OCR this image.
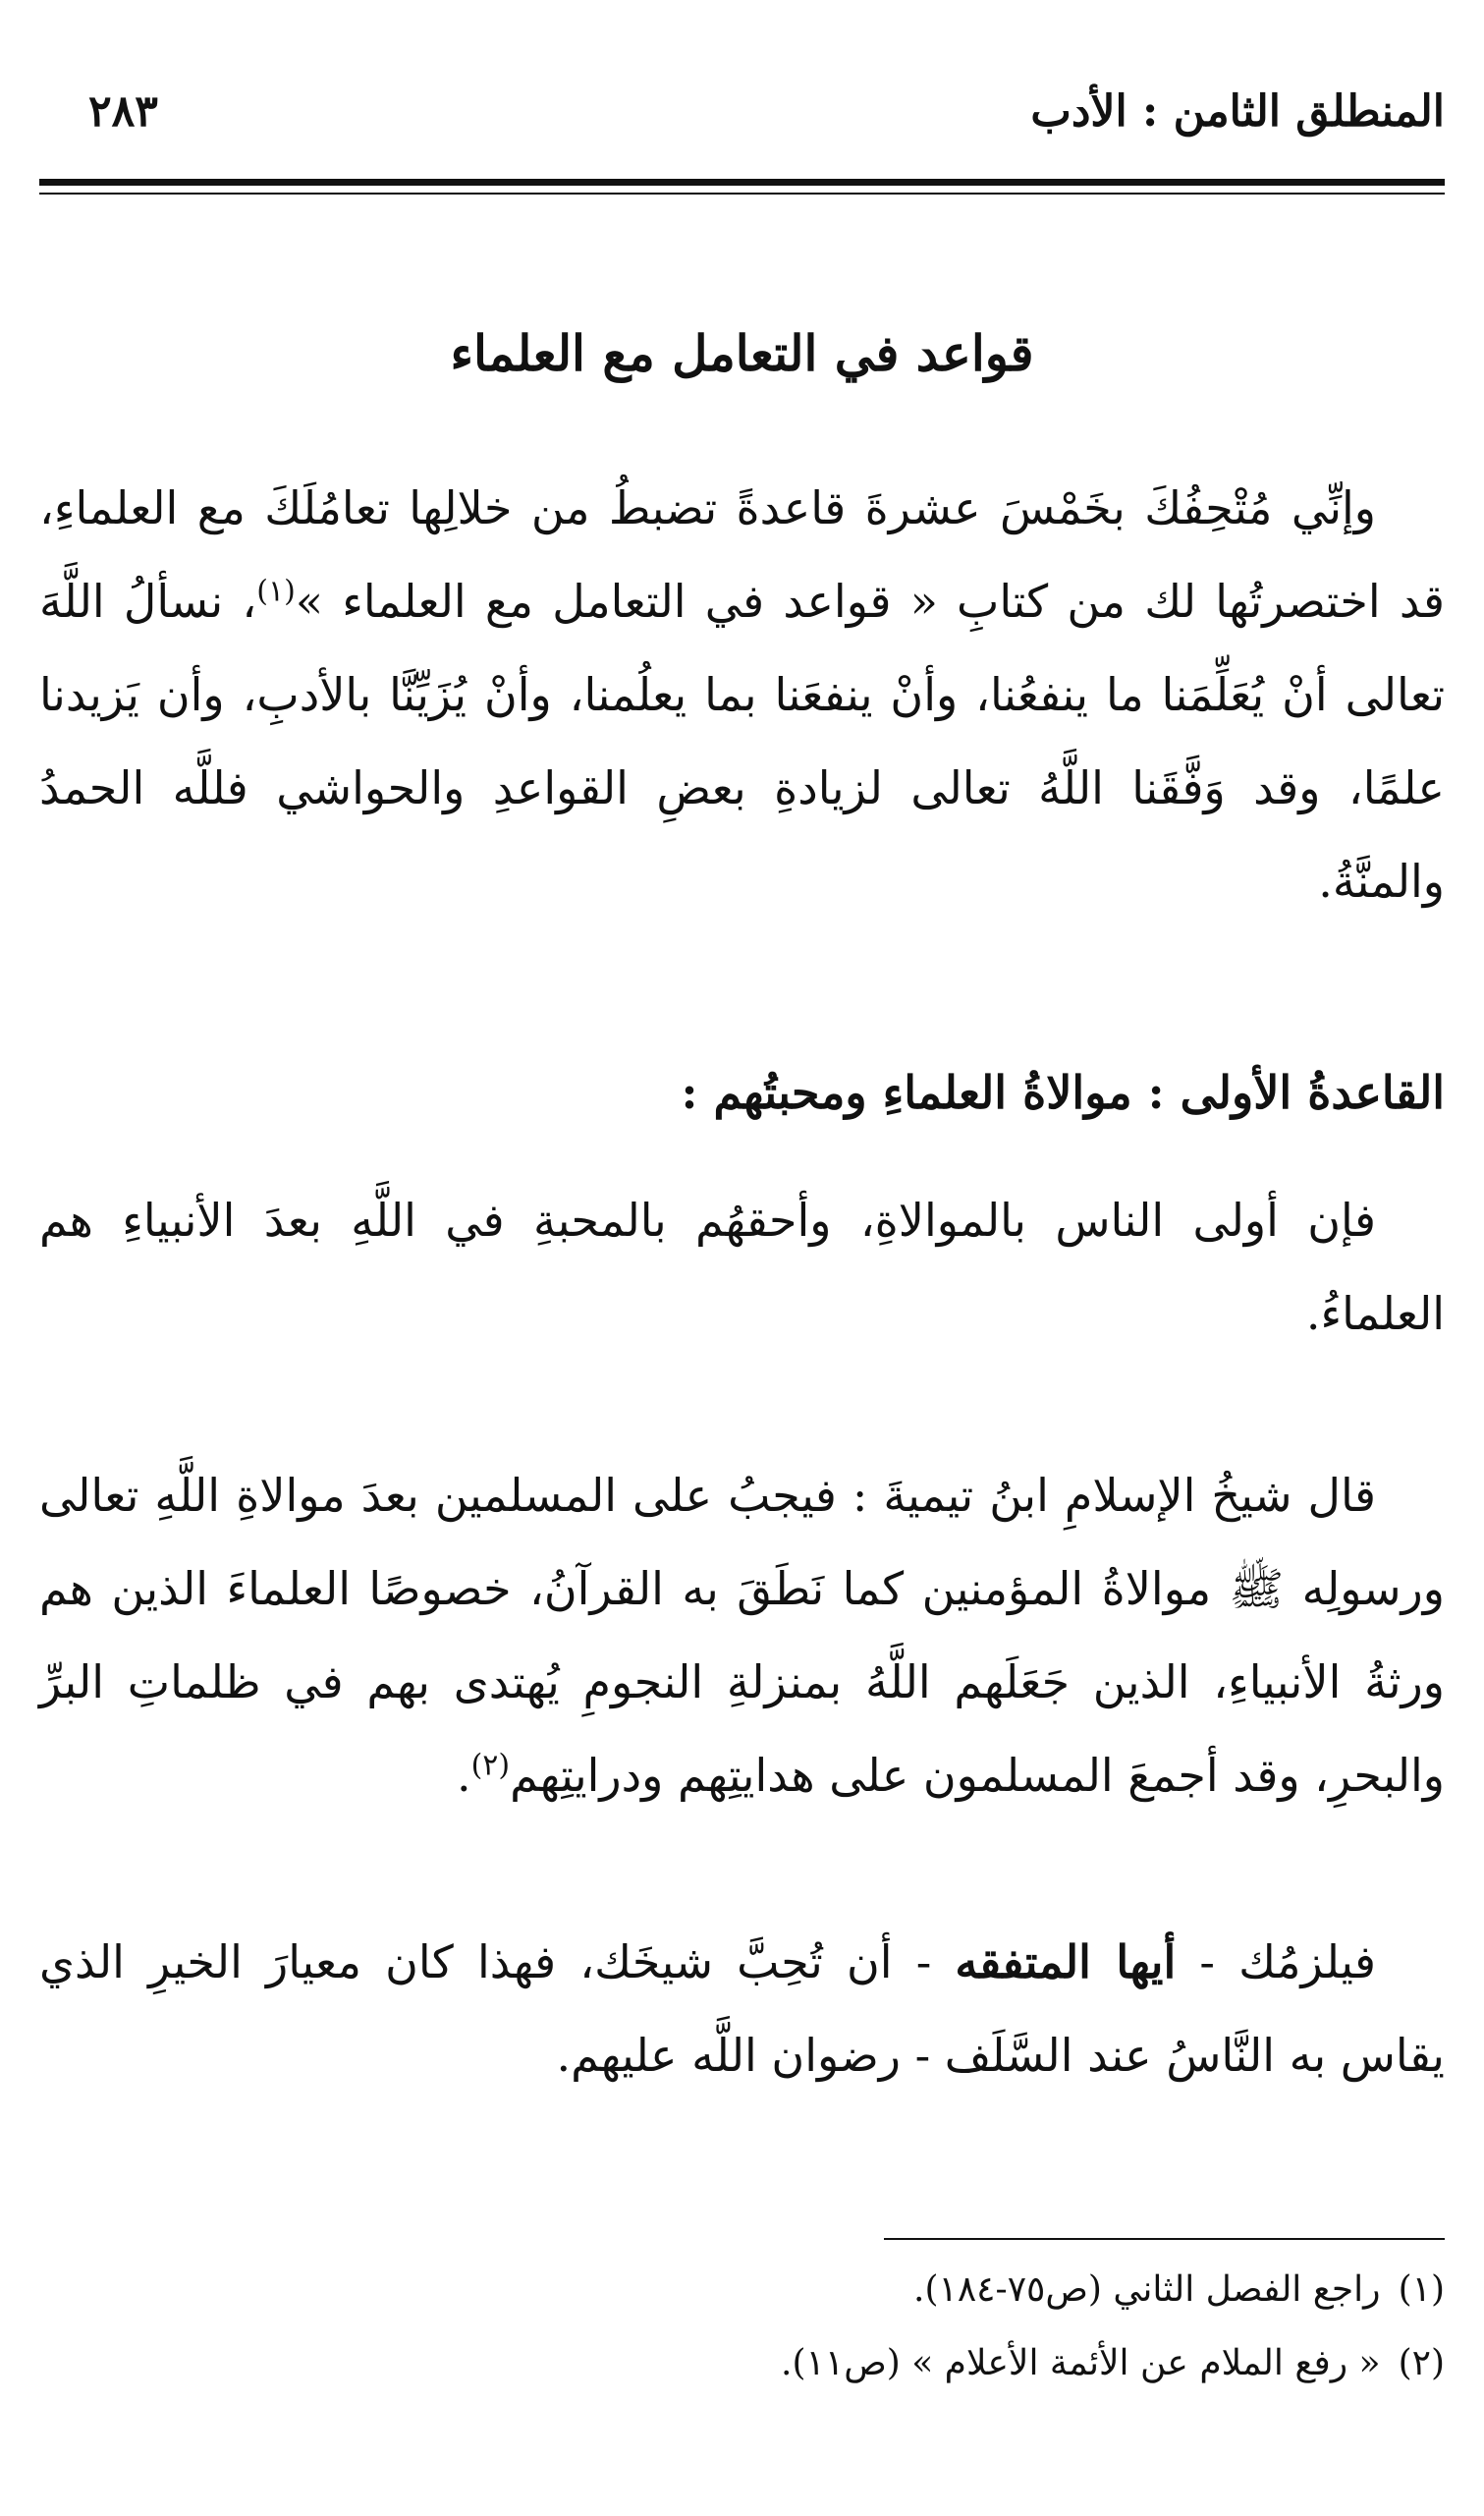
المنطلق الثامن : الأدب
٢٨٣
قواعد في التعامل مع العلماء

وإنِّي مُتْحِفُكَ بخَمْسَ عشرةَ قاعدةً تضبطُ من خلالِها تعامُلَكَ مع العلماءِ، قد اختصرتُها لك من كتابِ « قواعد في التعامل مع العلماء »$^{(١)}$، نسألُ اللَّهَ تعالى أنْ يُعَلِّمَنا ما ينفعُنا، وأنْ ينفعَنا بما يعلُمنا، وأنْ يُزَيِّنَّا بالأدبِ، وأن يَزيدنا علمًا، وقد وَفَّقَنا اللَّهُ تعالى لزيادةِ بعضِ القواعدِ والحواشي فللَّه الحمدُ والمنَّةُ.

القاعدةُ الأولى : موالاةُ العلماءِ ومحبتُهم :

فإن أولى الناس بالموالاةِ، وأحقهُم بالمحبةِ في اللَّهِ بعدَ الأنبياءِ هم العلماءُ.

قال شيخُ الإسلامِ ابنُ تيميةَ : فيجبُ على المسلمين بعدَ موالاةِ اللَّهِ تعالى ورسولِه ﷺ موالاةُ المؤمنين كما نَطَقَ به القرآنُ، خصوصًا العلماءَ الذين هم ورثةُ الأنبياءِ، الذين جَعَلَهم اللَّهُ بمنزلةِ النجومِ يُهتدى بهم في ظلماتِ البرِّ والبحرِ، وقد أجمعَ المسلمون على هدايتِهم ودرايتِهم$^{(٢)}$.

فيلزمُك - أيها المتفقه - أن تُحِبَّ شيخَك، فهذا كان معيارَ الخيرِ الذي يقاس به النَّاسُ عند السَّلَف - رضوان اللَّه عليهم.

(١)راجع الفصل الثاني (ص٧٥-١٨٤).
(٢)« رفع الملام عن الأئمة الأعلام » (ص١١).
